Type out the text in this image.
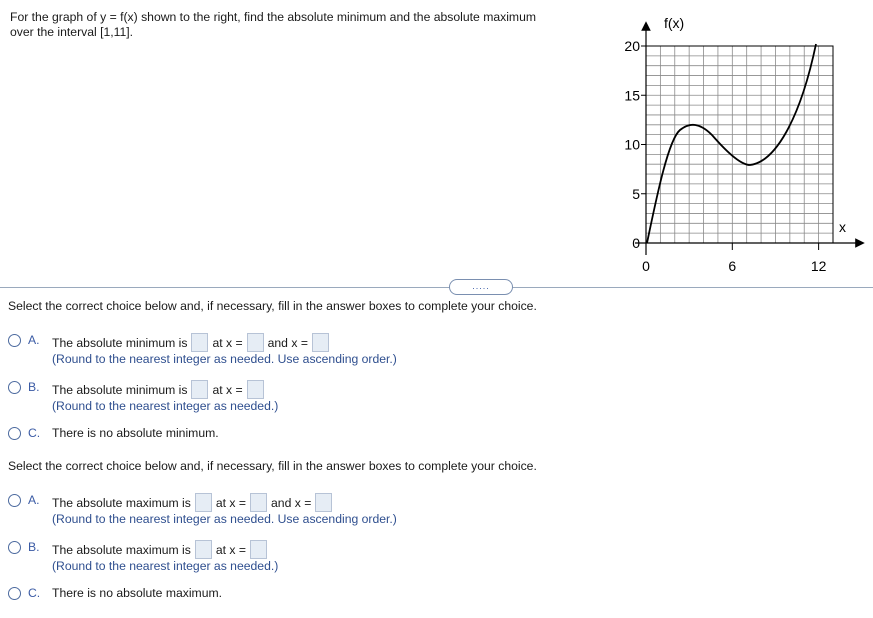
For the graph of y = f(x) shown to the right, find the absolute minimum and the absolute maximum
over the interval [1,11].
20
15
10
5
0
0	6	12
f(x)
x
.....
Select the correct choice below and, if necessary, fill in the answer boxes to complete your choice.
A. The absolute minimum is at x = and x =
(Round to the nearest integer as needed. Use ascending order.)
B. The absolute minimum is at x =
(Round to the nearest integer as needed.)
C. There is no absolute minimum.
Select the correct choice below and, if necessary, fill in the answer boxes to complete your choice.
A. The absolute maximum is at x = and x =
(Round to the nearest integer as needed. Use ascending order.)
B. The absolute maximum is at x =
(Round to the nearest integer as needed.)
C. There is no absolute maximum.
